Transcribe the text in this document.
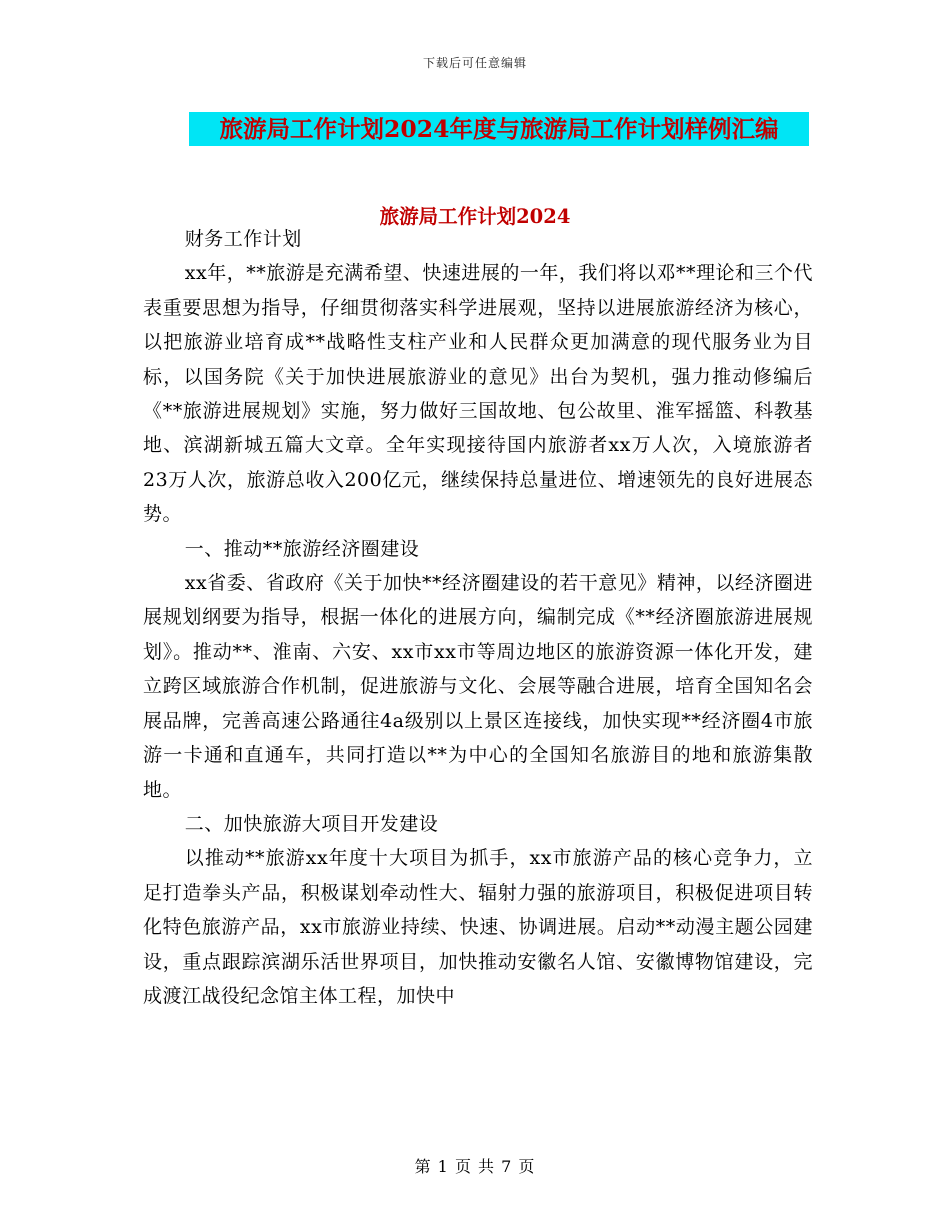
下载后可任意编辑
旅游局工作计划2024年度与旅游局工作计划样例汇编
旅游局工作计划2024

财务工作计划

xx年，**旅游是充满希望、快速进展的一年，我们将以邓**理论和三个代表重要思想为指导，仔细贯彻落实科学进展观，坚持以进展旅游经济为核心，以把旅游业培育成**战略性支柱产业和人民群众更加满意的现代服务业为目标，以国务院《关于加快进展旅游业的意见》出台为契机，强力推动修编后《**旅游进展规划》实施，努力做好三国故地、包公故里、淮军摇篮、科教基地、滨湖新城五篇大文章。全年实现接待国内旅游者xx万人次，入境旅游者23万人次，旅游总收入200亿元，继续保持总量进位、增速领先的良好进展态势。

一、推动**旅游经济圈建设

xx省委、省政府《关于加快**经济圈建设的若干意见》精神，以经济圈进展规划纲要为指导，根据一体化的进展方向，编制完成《**经济圈旅游进展规划》。推动**、淮南、六安、xx市xx市等周边地区的旅游资源一体化开发，建立跨区域旅游合作机制，促进旅游与文化、会展等融合进展，培育全国知名会展品牌，完善高速公路通往4a级别以上景区连接线，加快实现**经济圈4市旅游一卡通和直通车，共同打造以**为中心的全国知名旅游目的地和旅游集散地。

二、加快旅游大项目开发建设

以推动**旅游xx年度十大项目为抓手，xx市旅游产品的核心竞争力，立足打造拳头产品，积极谋划牵动性大、辐射力强的旅游项目，积极促进项目转化特色旅游产品，xx市旅游业持续、快速、协调进展。启动**动漫主题公园建设，重点跟踪滨湖乐活世界项目，加快推动安徽名人馆、安徽博物馆建设，完成渡江战役纪念馆主体工程，加快中

第 1 页 共 7 页
